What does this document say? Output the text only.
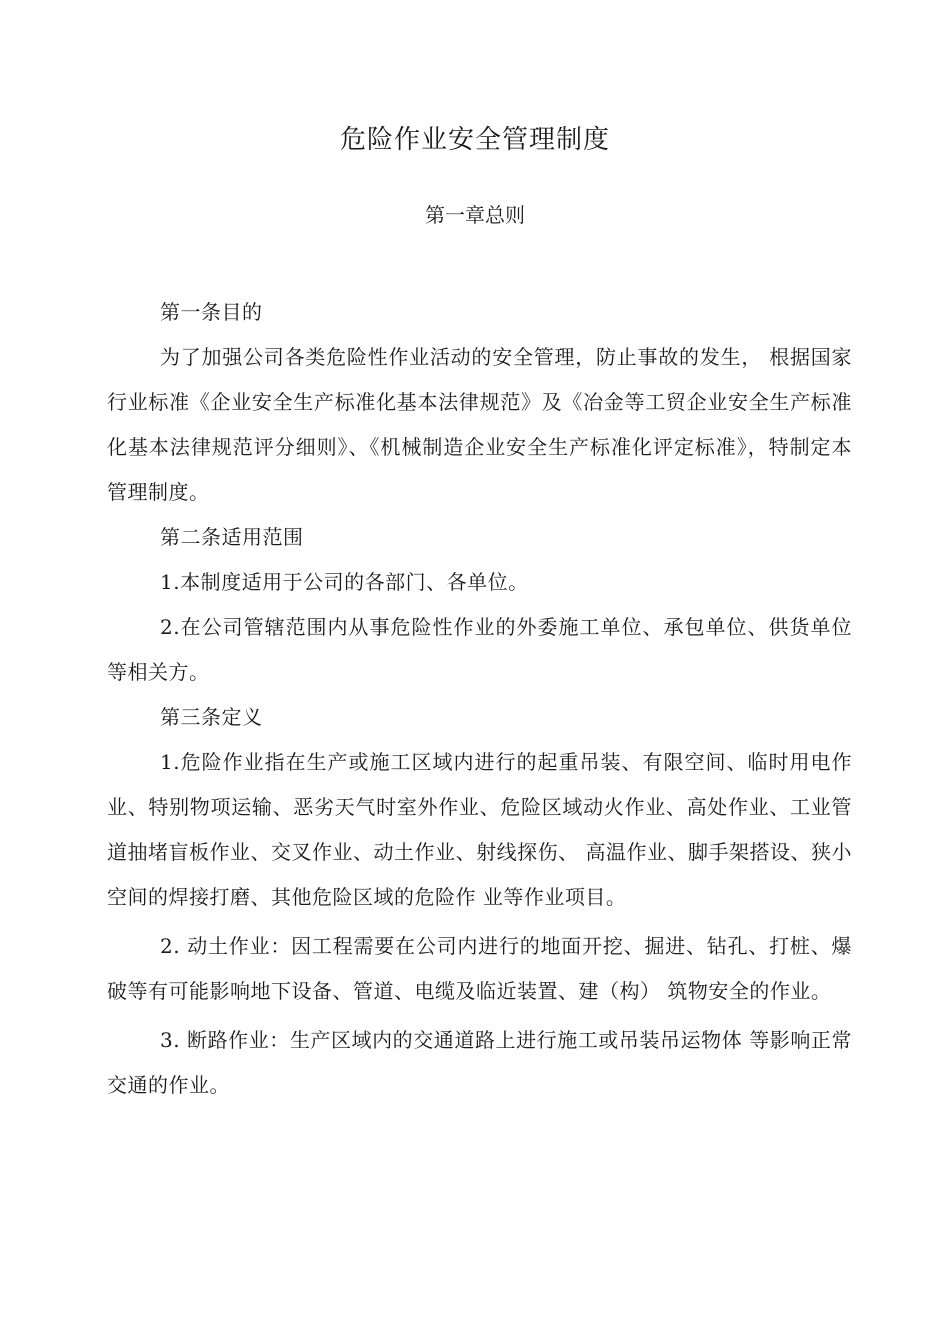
危险作业安全管理制度
第一章总则

第一条目的

为了加强公司各类危险性作业活动的安全管理，防止事故的发生， 根据国家行业标准《企业安全生产标准化基本法律规范》及《冶金等工贸企业安全生产标准化基本法律规范评分细则》、《机械制造企业安全生产标准化评定标准》，特制定本管理制度。

第二条适用范围

1.本制度适用于公司的各部门、各单位。

2.在公司管辖范围内从事危险性作业的外委施工单位、承包单位、供货单位等相关方。

第三条定义

1.危险作业指在生产或施工区域内进行的起重吊装、有限空间、临时用电作业、特别物项运输、恶劣天气时室外作业、危险区域动火作业、高处作业、工业管道抽堵盲板作业、交叉作业、动土作业、射线探伤、 高温作业、脚手架搭设、狭小空间的焊接打磨、其他危险区域的危险作 业等作业项目。

2. 动土作业：因工程需要在公司内进行的地面开挖、掘进、钻孔、打桩、爆破等有可能影响地下设备、管道、电缆及临近装置、建（构） 筑物安全的作业。

3. 断路作业：生产区域内的交通道路上进行施工或吊装吊运物体 等影响正常交通的作业。
